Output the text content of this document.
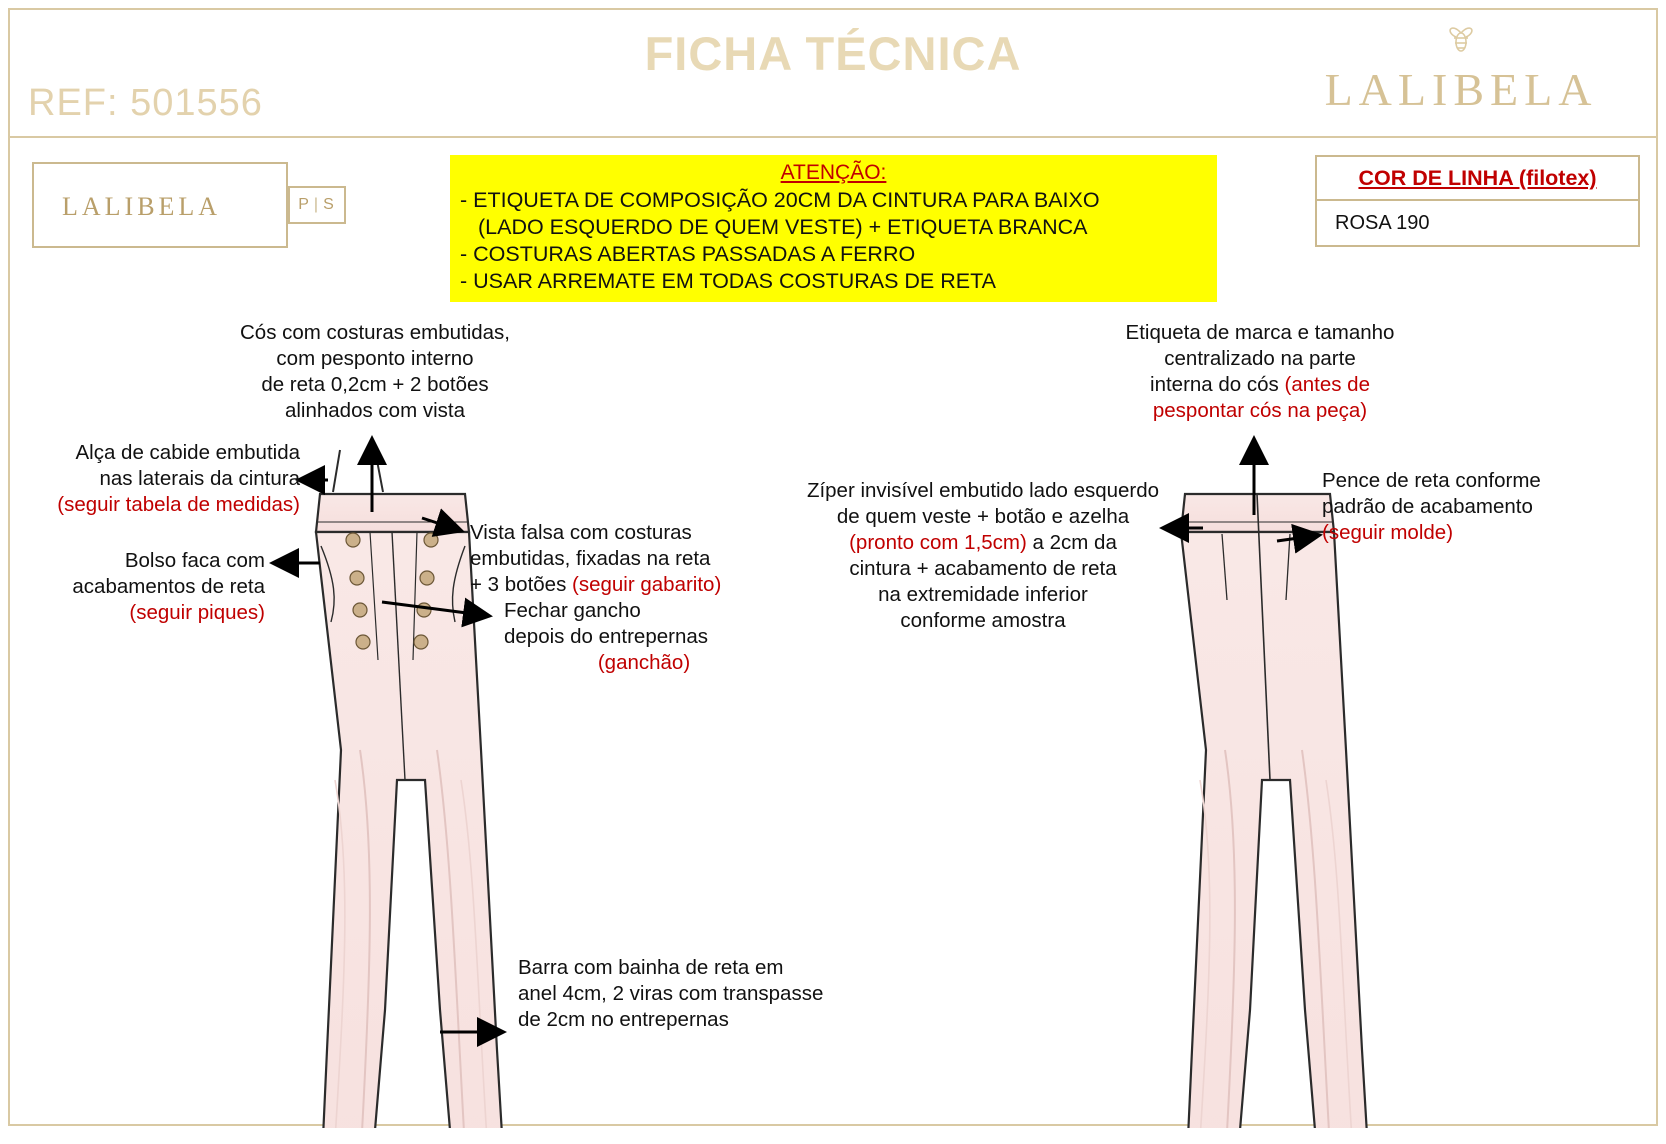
REF: 501556
FICHA TÉCNICA
LALIBELA
LALIBELA	P | S
ATENÇÃO:
- ETIQUETA DE COMPOSIÇÃO 20CM DA CINTURA PARA BAIXO
(LADO ESQUERDO DE QUEM VESTE) + ETIQUETA BRANCA
- COSTURAS ABERTAS PASSADAS A FERRO
- USAR ARREMATE EM TODAS COSTURAS DE RETA
COR DE LINHA (filotex)
ROSA 190
Cós com costuras embutidas,
com pesponto interno
de reta 0,2cm + 2 botões
alinhados com vista
Alça de cabide embutida
nas laterais da cintura
(seguir tabela de medidas)
Bolso faca com
acabamentos de reta
(seguir piques)
Vista falsa com costuras
embutidas, fixadas na reta
+ 3 botões (seguir gabarito)
Fechar gancho
depois do entrepernas
(ganchão)
Barra com bainha de reta em
anel 4cm, 2 viras com transpasse
de 2cm no entrepernas
Etiqueta de marca e tamanho
centralizado na parte
interna do cós (antes de
pespontar cós na peça)
Zíper invisível embutido lado esquerdo
de quem veste + botão e azelha
(pronto com 1,5cm) a 2cm da
cintura + acabamento de reta
na extremidade inferior
conforme amostra
Pence de reta conforme
padrão de acabamento
(seguir molde)
